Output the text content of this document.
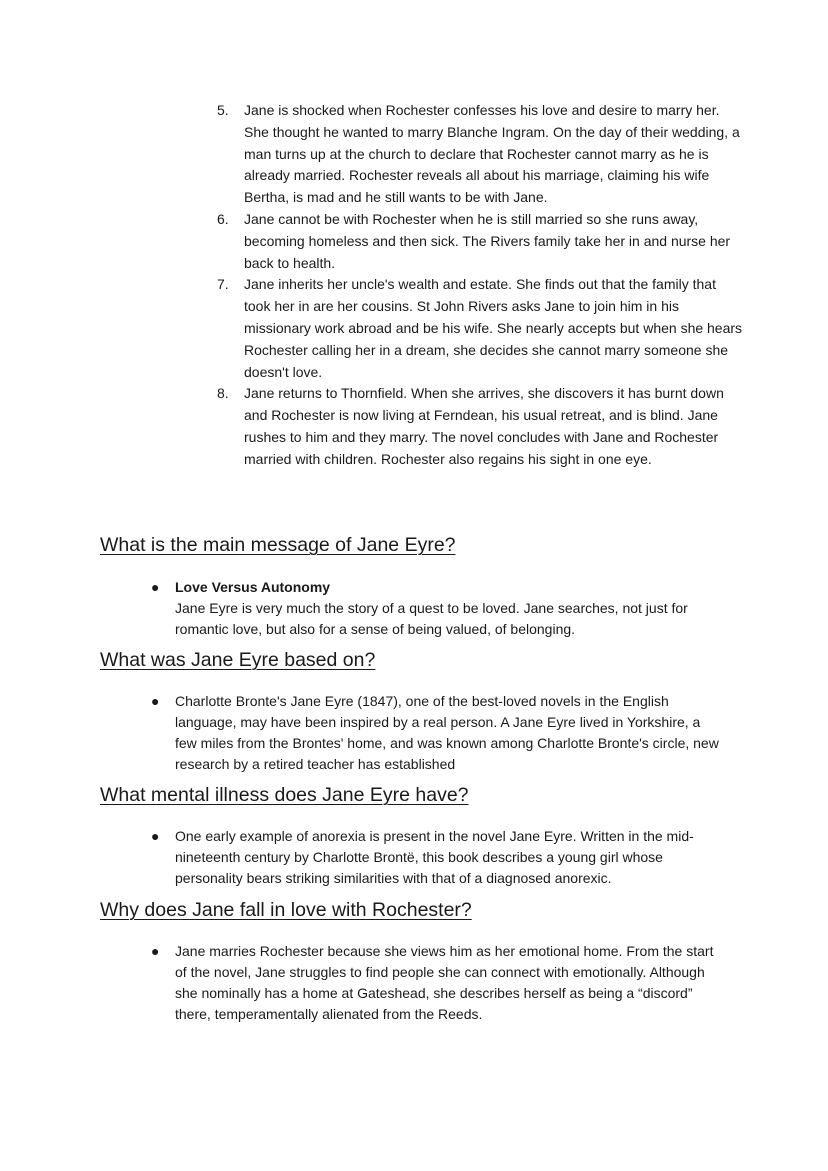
5. Jane is shocked when Rochester confesses his love and desire to marry her. She thought he wanted to marry Blanche Ingram. On the day of their wedding, a man turns up at the church to declare that Rochester cannot marry as he is already married. Rochester reveals all about his marriage, claiming his wife Bertha, is mad and he still wants to be with Jane.
6. Jane cannot be with Rochester when he is still married so she runs away, becoming homeless and then sick. The Rivers family take her in and nurse her back to health.
7. Jane inherits her uncle's wealth and estate. She finds out that the family that took her in are her cousins. St John Rivers asks Jane to join him in his missionary work abroad and be his wife. She nearly accepts but when she hears Rochester calling her in a dream, she decides she cannot marry someone she doesn't love.
8. Jane returns to Thornfield. When she arrives, she discovers it has burnt down and Rochester is now living at Ferndean, his usual retreat, and is blind. Jane rushes to him and they marry. The novel concludes with Jane and Rochester married with children. Rochester also regains his sight in one eye.
What is the main message of Jane Eyre?
● Love Versus Autonomy
Jane Eyre is very much the story of a quest to be loved. Jane searches, not just for romantic love, but also for a sense of being valued, of belonging.
What was Jane Eyre based on?
● Charlotte Bronte's Jane Eyre (1847), one of the best-loved novels in the English language, may have been inspired by a real person. A Jane Eyre lived in Yorkshire, a few miles from the Brontes' home, and was known among Charlotte Bronte's circle, new research by a retired teacher has established
What mental illness does Jane Eyre have?
● One early example of anorexia is present in the novel Jane Eyre. Written in the mid-nineteenth century by Charlotte Brontë, this book describes a young girl whose personality bears striking similarities with that of a diagnosed anorexic.
Why does Jane fall in love with Rochester?
● Jane marries Rochester because she views him as her emotional home. From the start of the novel, Jane struggles to find people she can connect with emotionally. Although she nominally has a home at Gateshead, she describes herself as being a “discord” there, temperamentally alienated from the Reeds.
